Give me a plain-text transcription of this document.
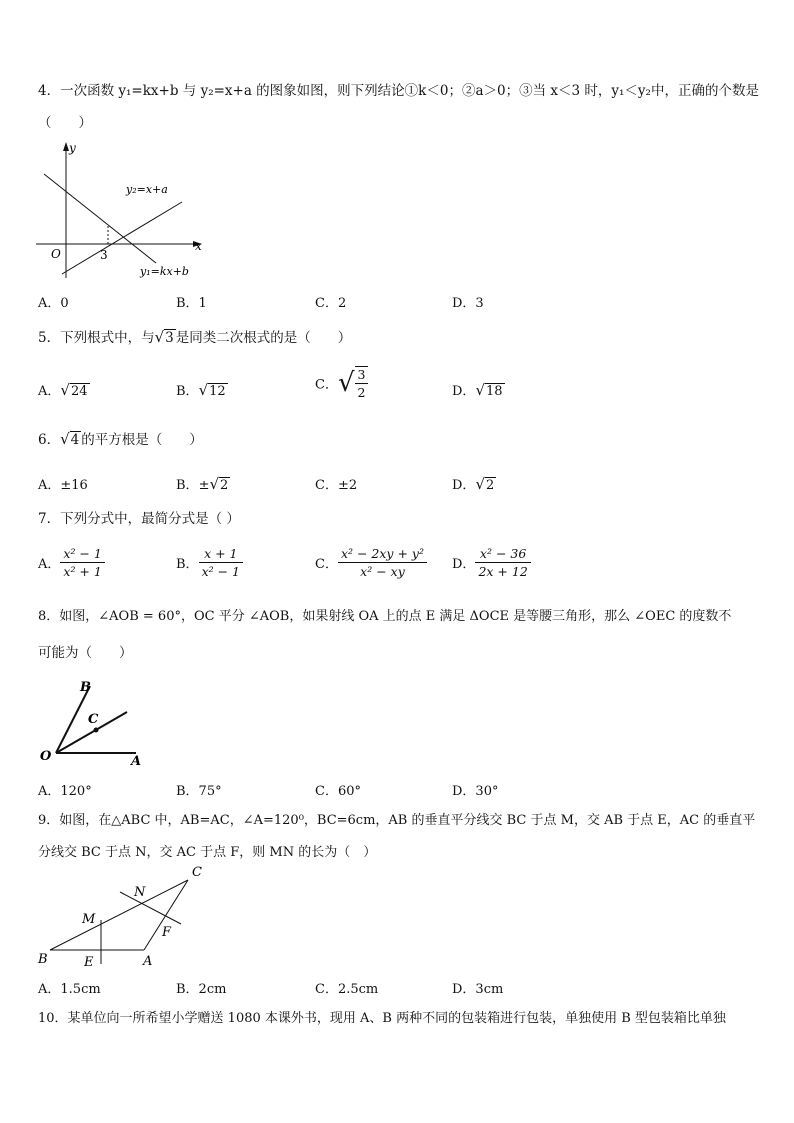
4．一次函数 y₁=kx+b 与 y₂=x+a 的图象如图，则下列结论①k＜0；②a＞0；③当 x＜3 时，y₁＜y₂中，正确的个数是
（　　）
y
x
O	3
y₂=x+a
y₁=kx+b
A．0	B．1	C．2	D．3
5．下列根式中，与√3 是同类二次根式的是（　　）
A．√24	B．√12	C．√ $\frac{3}{2}$	D．√18
6．√4 的平方根是（　　）
A．±16	B．±√2	C．±2	D．√2
7．下列分式中，最简分式是（ ）
A． $\frac{\text{x² − 1}}{\text{x² + 1}}$	B． $\frac{x + 1}{\text{x² − 1}}$	C． $\frac{\text{x² − 2xy + y²}}{\text{x² − xy}}$ D． $\frac{\text{x² − 36}}{2x + 12}$
8．如图，∠AOB = 60°，OC 平分 ∠AOB，如果射线 OA 上的点 E 满足 ΔOCE 是等腰三角形，那么 ∠OEC 的度数不
可能为（　　）
B
C
O	A
A．120°	B．75°	C．60°	D．30°
9．如图，在△ABC 中，AB=AC，∠A=120⁰，BC=6cm，AB 的垂直平分线交 BC 于点 M，交 AB 于点 E，AC 的垂直平
分线交 BC 于点 N，交 AC 于点 F，则 MN 的长为（　）
C
N
M
F
B	E	A
A．1.5cm	B．2cm	C．2.5cm	D．3cm
10．某单位向一所希望小学赠送 1080 本课外书，现用 A、B 两种不同的包装箱进行包装，单独使用 B 型包装箱比单独
